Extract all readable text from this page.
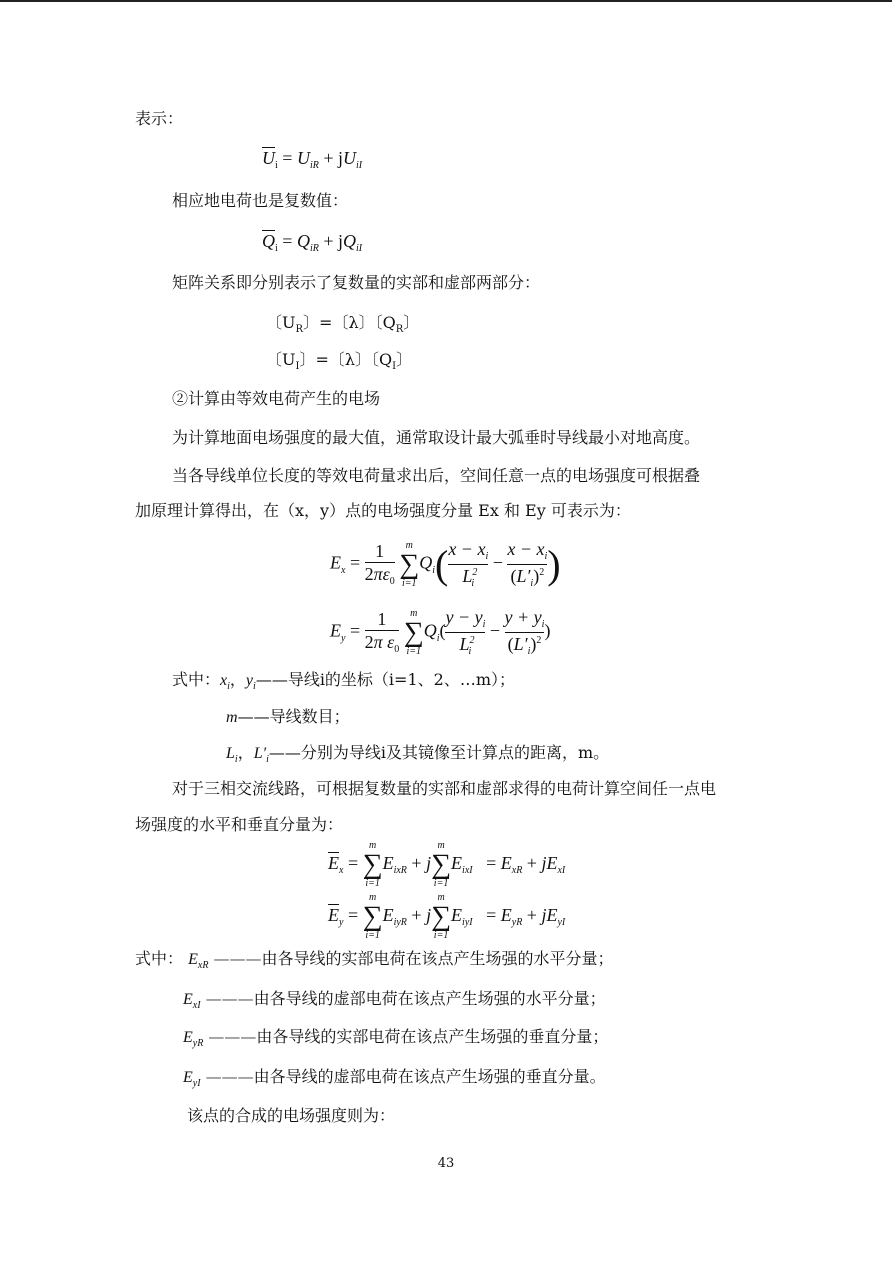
表示：
$\overline{U}_i = U_{iR} + jU_{iI}$
相应地电荷也是复数值：
$\overline{Q}_i = Q_{iR} + jQ_{iI}$
矩阵关系即分别表示了复数量的实部和虚部两部分：
〔$U_R$〕=〔λ〕〔$Q_R$〕
〔$U_I$〕=〔λ〕〔$Q_I$〕
②计算由等效电荷产生的电场
为计算地面电场强度的最大值，通常取设计最大弧垂时导线最小对地高度。
当各导线单位长度的等效电荷量求出后，空间任意一点的电场强度可根据叠
加原理计算得出，在（x，y）点的电场强度分量 Ex 和 Ey 可表示为：
$E_x = \frac{1}{2\pi\varepsilon_0}$
	m
∑
i=1
$Q_i( \frac{x - x_i}{L^2_i} - \frac{x - x_i}{(L'_i)^2}$ )
$E_y = \frac{1}{2\pi \varepsilon_0}$
	m
∑
i=1
$Q_i( \frac{y - y_i}{L^2_i} - \frac{y + y_i}{(L'_i)^2}$ )
式中：$x_i$，$y_i——$导线i的坐标（i=1、2、…m）；
m——导线数目；
$L_i$，$L'_i——$分别为导线i及其镜像至计算点的距离，m。
对于三相交流线路，可根据复数量的实部和虚部求得的电荷计算空间任一点电
场强度的水平和垂直分量为：
$\overline{E}_x$ =
m
∑
i=1
$E_{ixR} + j$
m
∑
i=1
$E_{ixI} = E_{xR} + jE_{xI}$
$\overline{E}_y$ =
m
∑
i=1
$E_{iyR} + j$
m
∑
i=1
$E_{iyI} = E_{yR} + jE_{yI}$
式中： $E_{xR}$ ———由各导线的实部电荷在该点产生场强的水平分量；
$E_{xI}$ ———由各导线的虚部电荷在该点产生场强的水平分量；
$E_{yR}$ ———由各导线的实部电荷在该点产生场强的垂直分量；
$E_{yI}$ ———由各导线的虚部电荷在该点产生场强的垂直分量。
该点的合成的电场强度则为：
43
